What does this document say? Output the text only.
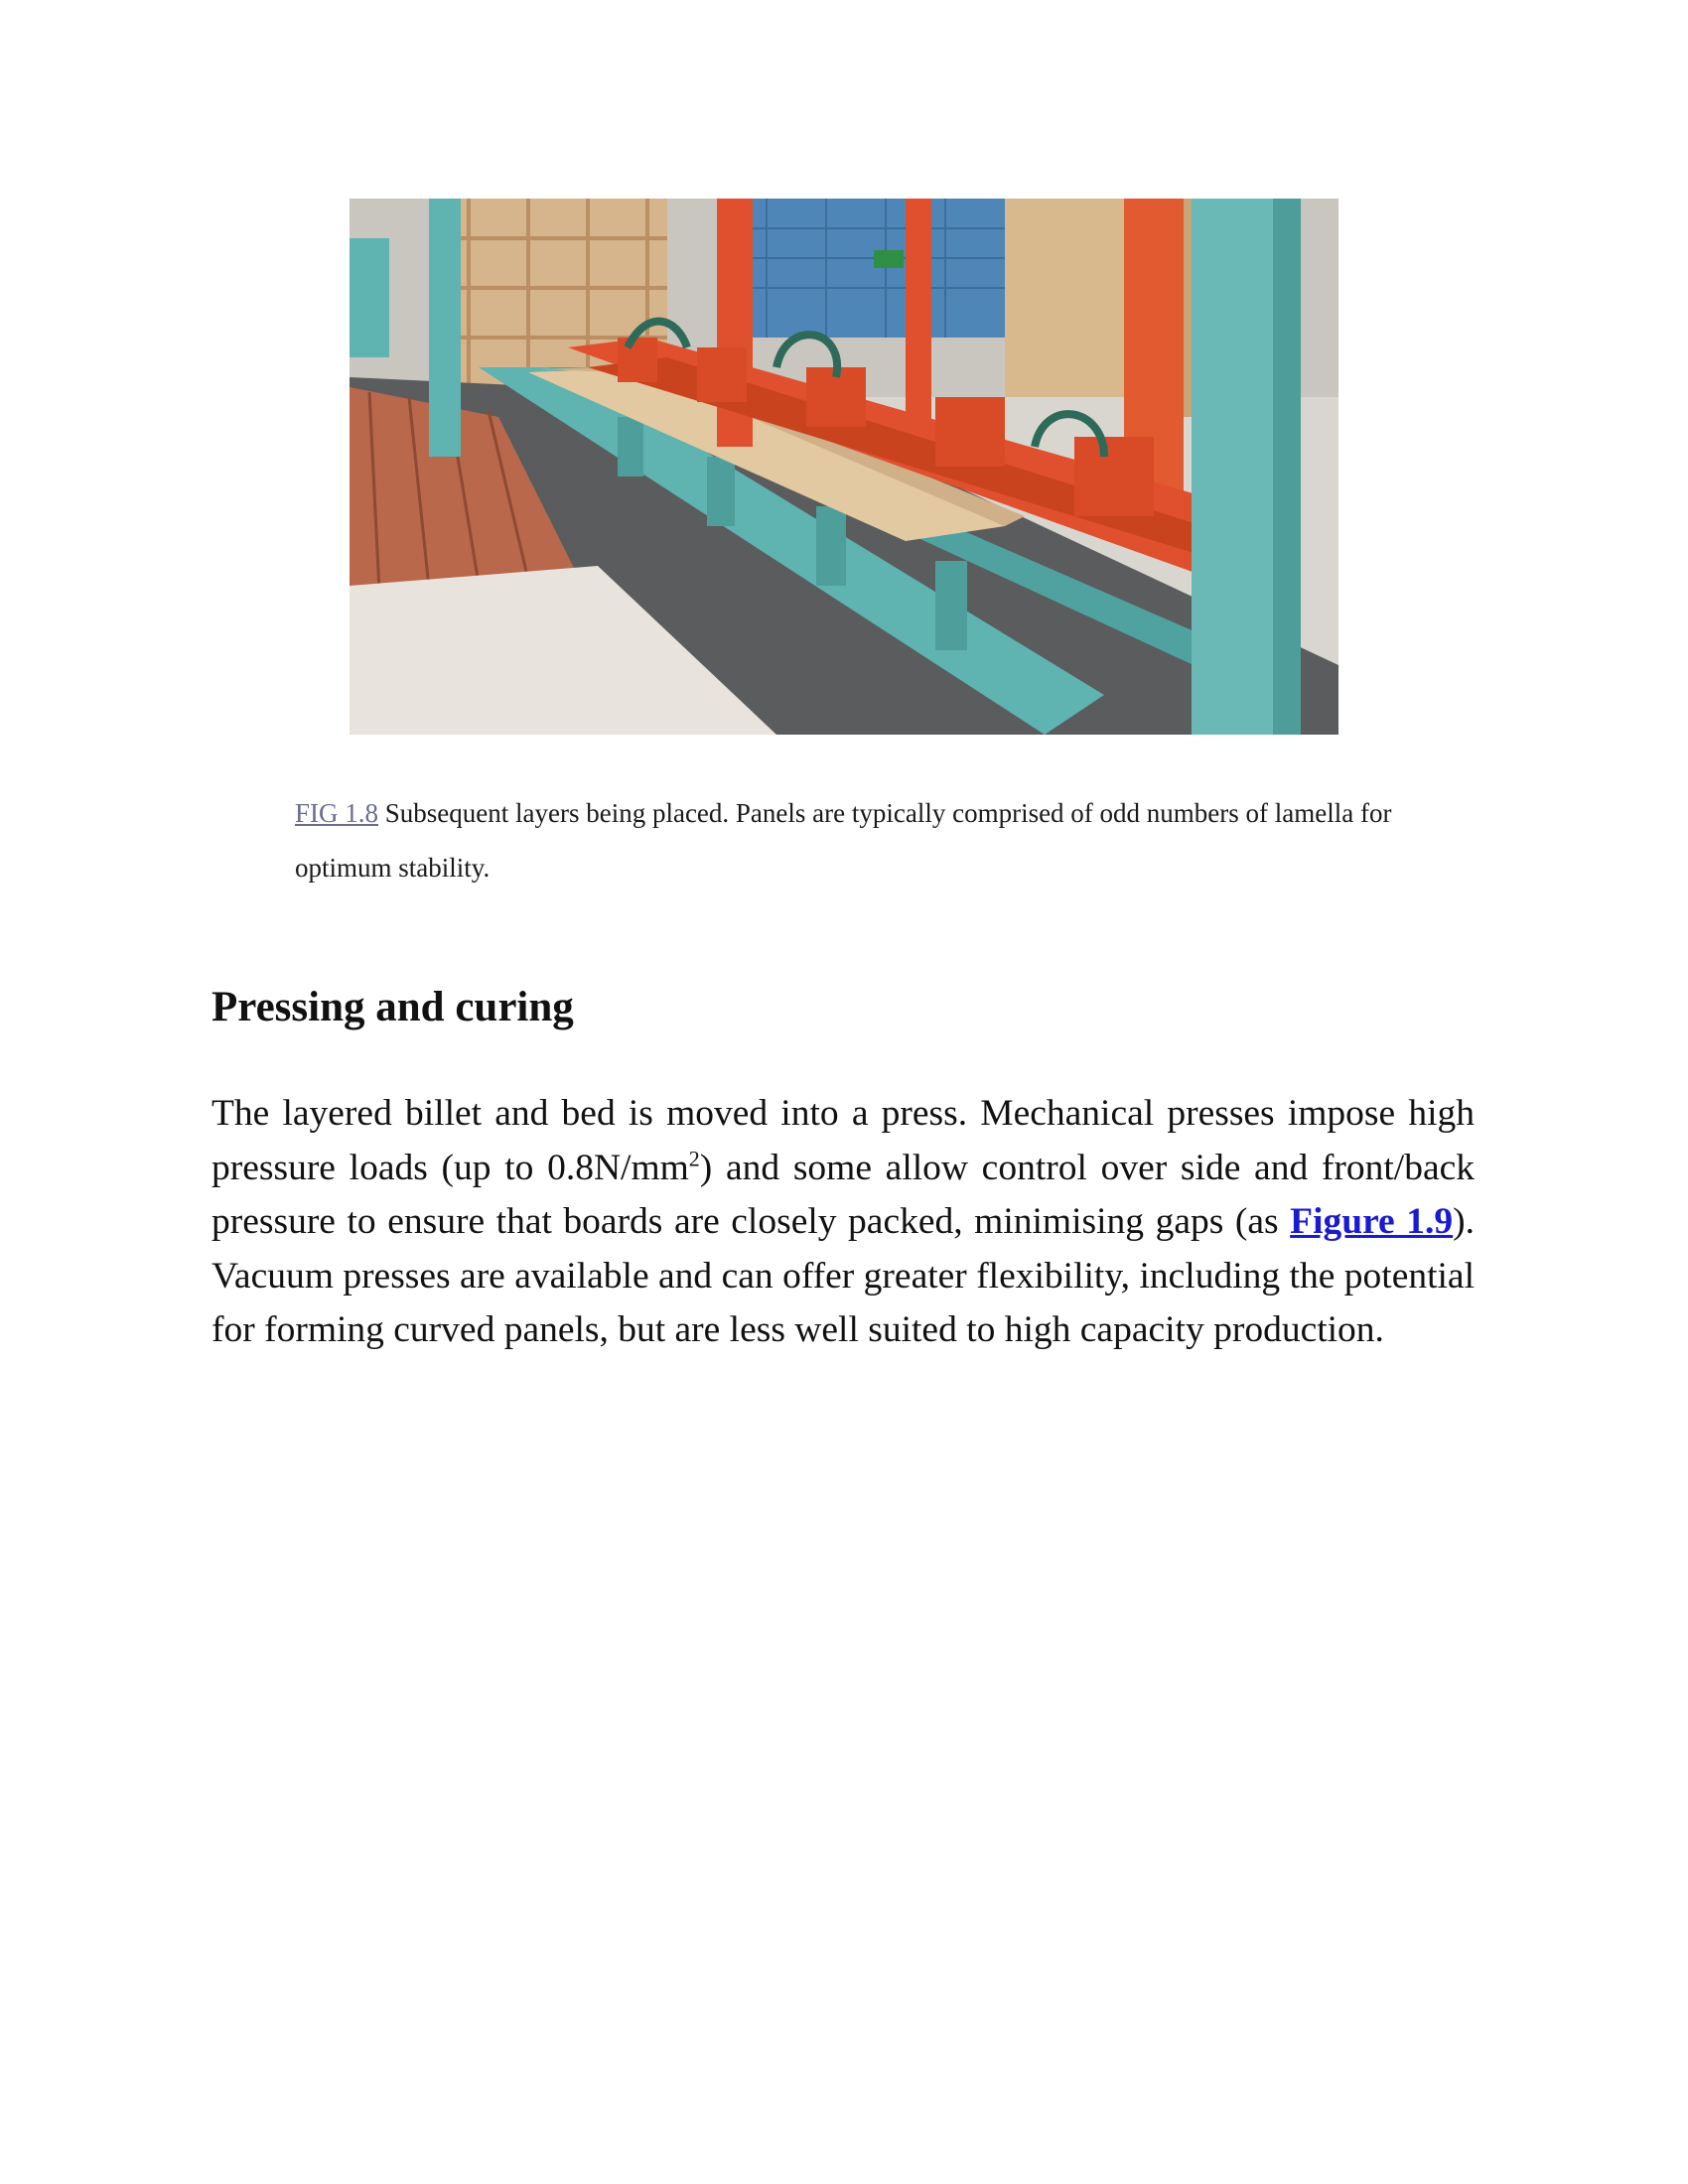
FIG 1.8 Subsequent layers being placed. Panels are typically comprised of odd numbers of lamella for optimum stability.
Pressing and curing

The layered billet and bed is moved into a press. Mechanical presses impose high pressure loads (up to $0.8N/mm^2$) and some allow control over side and front/back pressure to ensure that boards are closely packed, minimising gaps (as Figure 1.9). Vacuum presses are available and can offer greater flexibility, including the potential for forming curved panels, but are less well suited to high capacity production.
